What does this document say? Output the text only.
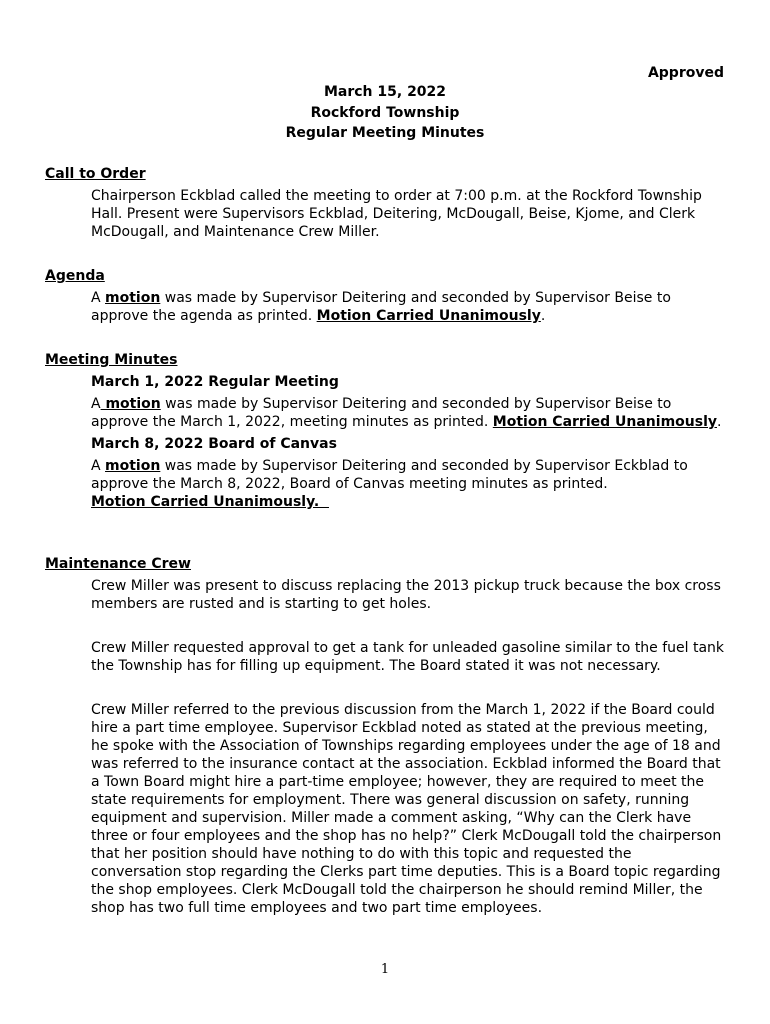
Approved
March 15, 2022
Rockford Township
Regular Meeting Minutes

Call to Order

Chairperson Eckblad called the meeting to order at 7:00 p.m. at the Rockford Township Hall. Present were Supervisors Eckblad, Deitering, McDougall, Beise, Kjome, and Clerk McDougall, and Maintenance Crew Miller.

Agenda

A motion was made by Supervisor Deitering and seconded by Supervisor Beise to approve the agenda as printed. Motion Carried Unanimously.

Meeting Minutes

March 1, 2022 Regular Meeting

A motion was made by Supervisor Deitering and seconded by Supervisor Beise to approve the March 1, 2022, meeting minutes as printed. Motion Carried Unanimously.

March 8, 2022 Board of Canvas

A motion was made by Supervisor Deitering and seconded by Supervisor Eckblad to approve the March 8, 2022, Board of Canvas meeting minutes as printed. Motion Carried Unanimously.

Maintenance Crew

Crew Miller was present to discuss replacing the 2013 pickup truck because the box cross members are rusted and is starting to get holes.

Crew Miller requested approval to get a tank for unleaded gasoline similar to the fuel tank the Township has for filling up equipment. The Board stated it was not necessary.

Crew Miller referred to the previous discussion from the March 1, 2022 if the Board could hire a part time employee. Supervisor Eckblad noted as stated at the previous meeting, he spoke with the Association of Townships regarding employees under the age of 18 and was referred to the insurance contact at the association. Eckblad informed the Board that a Town Board might hire a part-time employee; however, they are required to meet the state requirements for employment. There was general discussion on safety, running equipment and supervision. Miller made a comment asking, “Why can the Clerk have three or four employees and the shop has no help?” Clerk McDougall told the chairperson that her position should have nothing to do with this topic and requested the conversation stop regarding the Clerks part time deputies. This is a Board topic regarding the shop employees. Clerk McDougall told the chairperson he should remind Miller, the shop has two full time employees and two part time employees.

1
